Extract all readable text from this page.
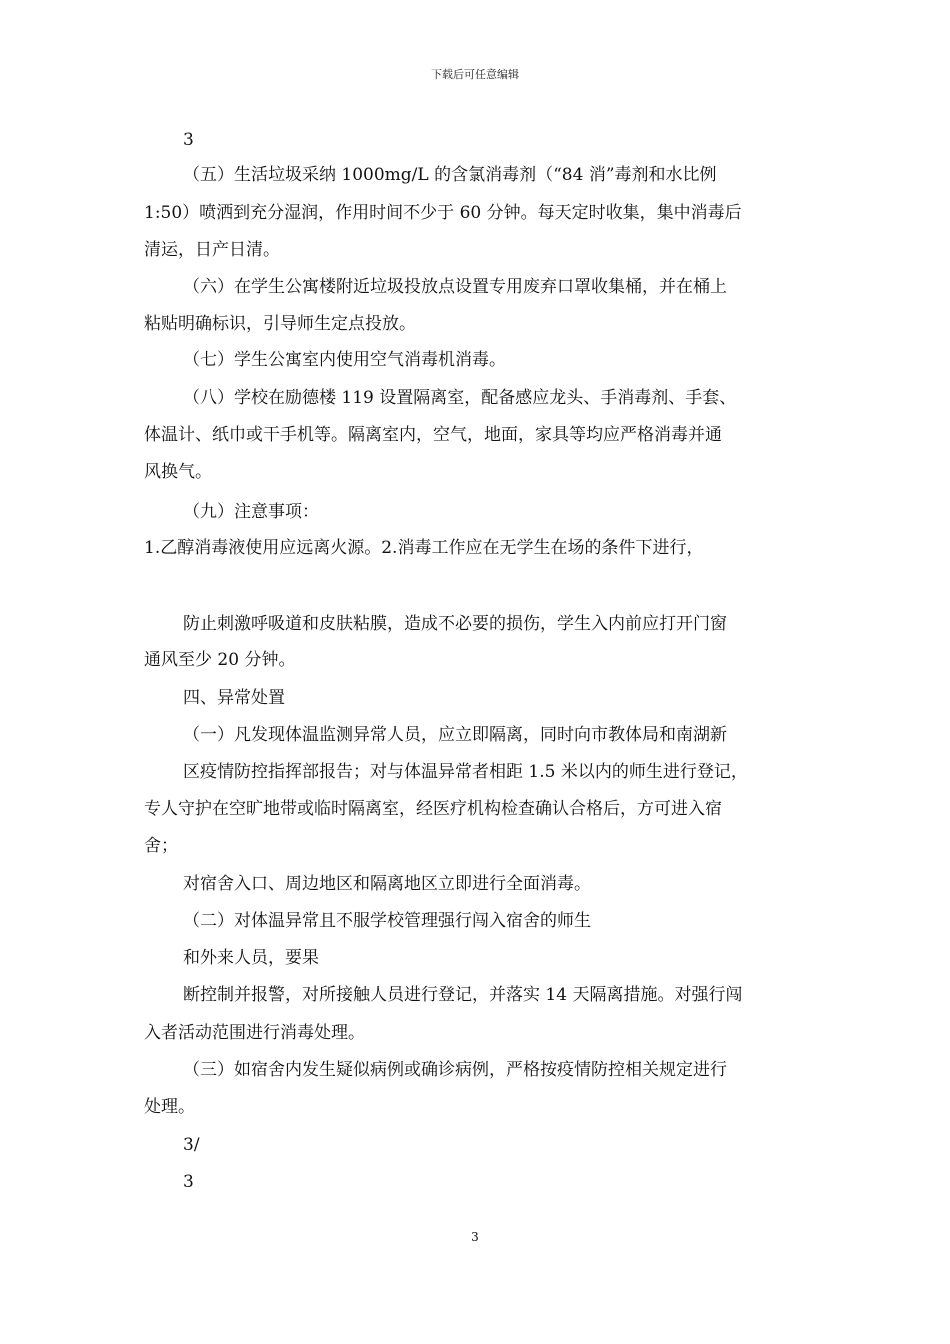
下载后可任意编辑
3
（五）生活垃圾采纳 1000mg/L 的含氯消毒剂（“84 消”毒剂和水比例
1:50）喷洒到充分湿润，作用时间不少于 60 分钟。每天定时收集，集中消毒后
清运，日产日清。
（六）在学生公寓楼附近垃圾投放点设置专用废弃口罩收集桶，并在桶上
粘贴明确标识，引导师生定点投放。
（七）学生公寓室内使用空气消毒机消毒。
（八）学校在励德楼 119 设置隔离室，配备感应龙头、手消毒剂、手套、
体温计、纸巾或干手机等。隔离室内，空气，地面，家具等均应严格消毒并通
风换气。
（九）注意事项：
1.乙醇消毒液使用应远离火源。2.消毒工作应在无学生在场的条件下进行，
防止刺激呼吸道和皮肤粘膜，造成不必要的损伤，学生入内前应打开门窗
通风至少 20 分钟。
四、异常处置
（一）凡发现体温监测异常人员，应立即隔离，同时向市教体局和南湖新
区疫情防控指挥部报告；对与体温异常者相距 1.5 米以内的师生进行登记，
专人守护在空旷地带或临时隔离室，经医疗机构检查确认合格后，方可进入宿
舍；
对宿舍入口、周边地区和隔离地区立即进行全面消毒。
（二）对体温异常且不服学校管理强行闯入宿舍的师生
和外来人员，要果
断控制并报警，对所接触人员进行登记，并落实 14 天隔离措施。对强行闯
入者活动范围进行消毒处理。
（三）如宿舍内发生疑似病例或确诊病例，严格按疫情防控相关规定进行
处理。
3/
3
3
